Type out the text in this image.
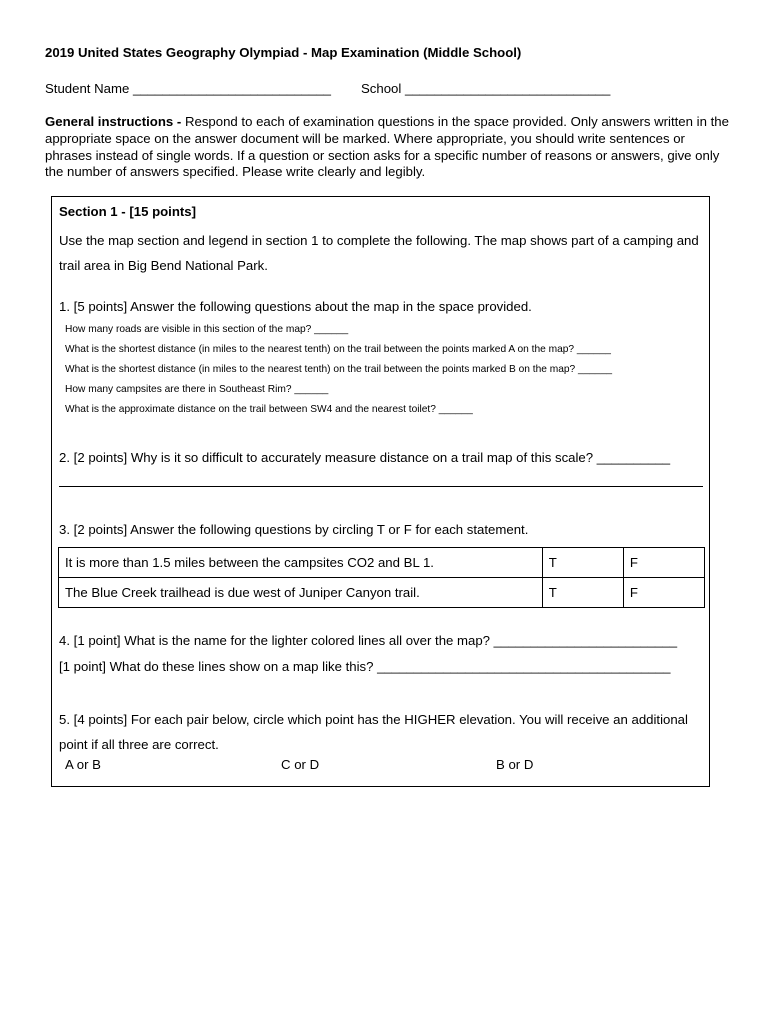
2019 United States Geography Olympiad - Map Examination (Middle School)
Student Name ___________________________ School ____________________________
General instructions - Respond to each of examination questions in the space provided. Only answers written in the appropriate space on the answer document will be marked. Where appropriate, you should write sentences or phrases instead of single words. If a question or section asks for a specific number of reasons or answers, give only the number of answers specified. Please write clearly and legibly.
Section 1 - [15 points]
Use the map section and legend in section 1 to complete the following. The map shows part of a camping and trail area in Big Bend National Park.
1. [5 points] Answer the following questions about the map in the space provided.
How many roads are visible in this section of the map? ______
What is the shortest distance (in miles to the nearest tenth) on the trail between the points marked A on the map? ______
What is the shortest distance (in miles to the nearest tenth) on the trail between the points marked B on the map? ______
How many campsites are there in Southeast Rim? ______
What is the approximate distance on the trail between SW4 and the nearest toilet? ______
2. [2 points] Why is it so difficult to accurately measure distance on a trail map of this scale? __________
3. [2 points] Answer the following questions by circling T or F for each statement.
It is more than 1.5 miles between the campsites CO2 and BL 1.	T	F
The Blue Creek trailhead is due west of Juniper Canyon trail.	T	F
4. [1 point] What is the name for the lighter colored lines all over the map? _________________________
[1 point] What do these lines show on a map like this? ________________________________________
5. [4 points] For each pair below, circle which point has the HIGHER elevation. You will receive an additional point if all three are correct.
A or B	C or D	B or D
